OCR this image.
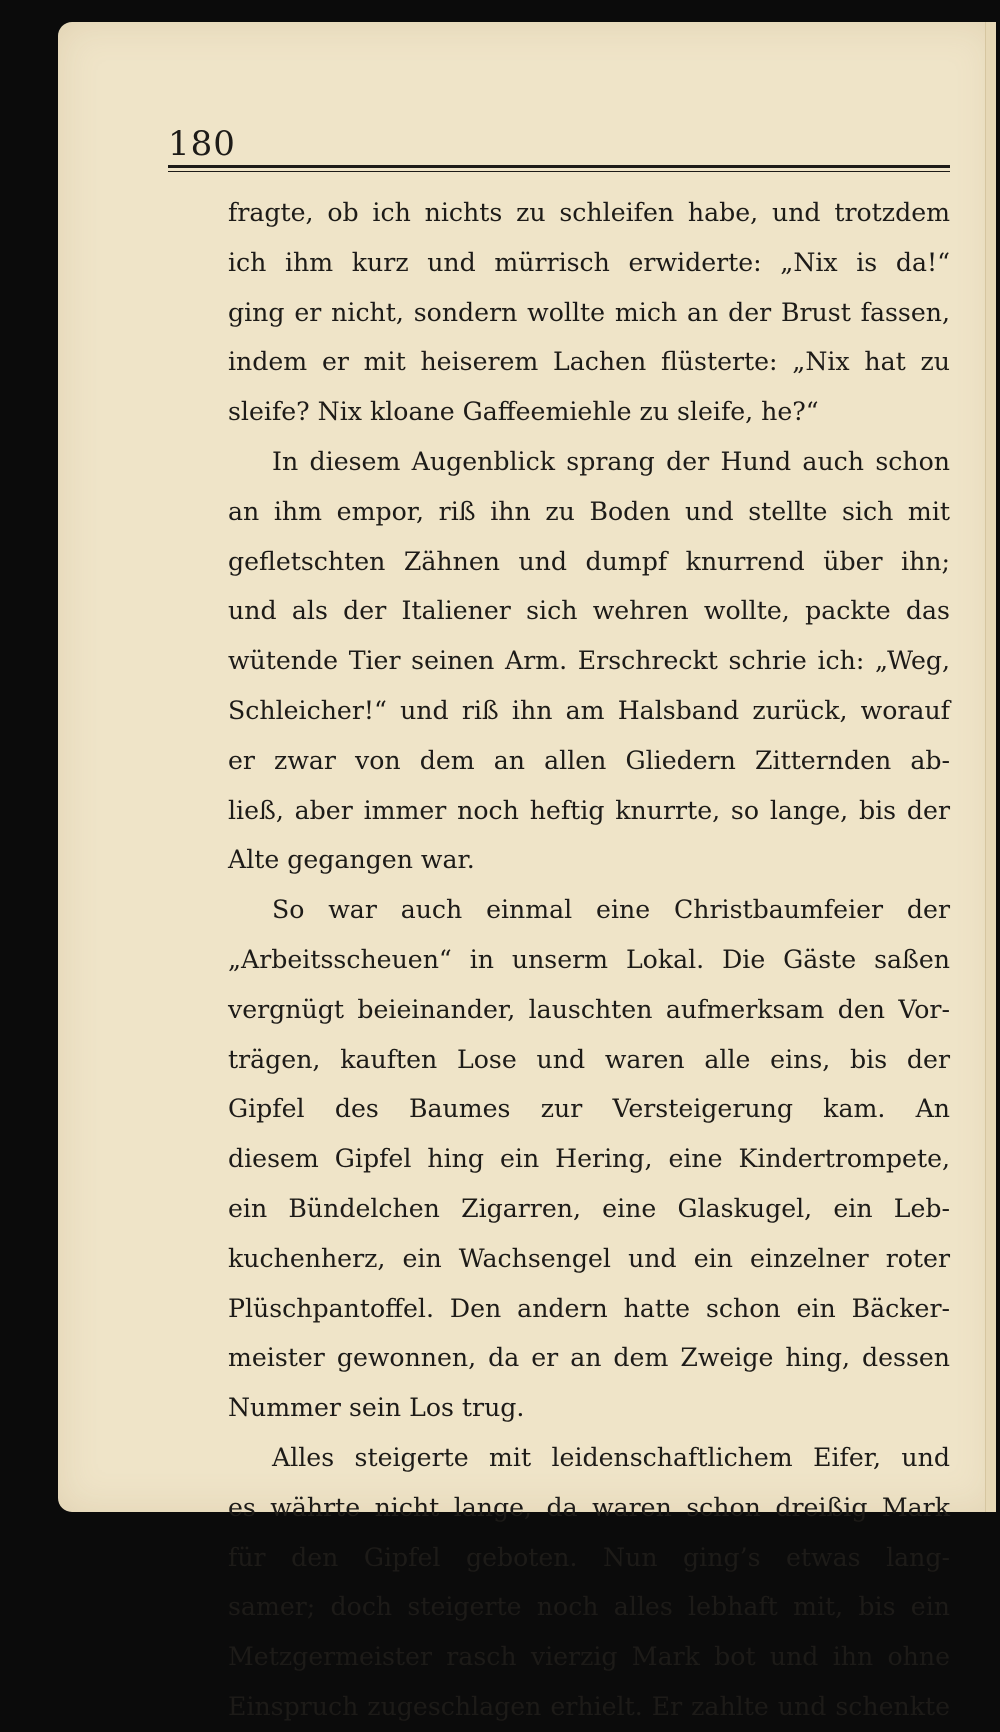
180
fragte, ob ich nichts zu schleifen habe, und trotzdem
ich ihm kurz und mürrisch erwiderte: „Nix is da!“
ging er nicht, sondern wollte mich an der Brust fassen,
indem er mit heiserem Lachen flüsterte: „Nix hat zu
sleife? Nix kloane Gaffeemiehle zu sleife, he?“
In diesem Augenblick sprang der Hund auch schon
an ihm empor, riß ihn zu Boden und stellte sich mit
gefletschten Zähnen und dumpf knurrend über ihn;
und als der Italiener sich wehren wollte, packte das
wütende Tier seinen Arm. Erschreckt schrie ich: „Weg,
Schleicher!“ und riß ihn am Halsband zurück, worauf
er zwar von dem an allen Gliedern Zitternden ab-
ließ, aber immer noch heftig knurrte, so lange, bis der
Alte gegangen war.
So war auch einmal eine Christbaumfeier der
„Arbeitsscheuen“ in unserm Lokal. Die Gäste saßen
vergnügt beieinander, lauschten aufmerksam den Vor-
trägen, kauften Lose und waren alle eins, bis der
Gipfel des Baumes zur Versteigerung kam. An
diesem Gipfel hing ein Hering, eine Kindertrompete,
ein Bündelchen Zigarren, eine Glaskugel, ein Leb-
kuchenherz, ein Wachsengel und ein einzelner roter
Plüschpantoffel. Den andern hatte schon ein Bäcker-
meister gewonnen, da er an dem Zweige hing, dessen
Nummer sein Los trug.
Alles steigerte mit leidenschaftlichem Eifer, und
es währte nicht lange, da waren schon dreißig Mark
für den Gipfel geboten. Nun ging’s etwas lang-
samer; doch steigerte noch alles lebhaft mit, bis ein
Metzgermeister rasch vierzig Mark bot und ihn ohne
Einspruch zugeschlagen erhielt. Er zahlte und schenkte
